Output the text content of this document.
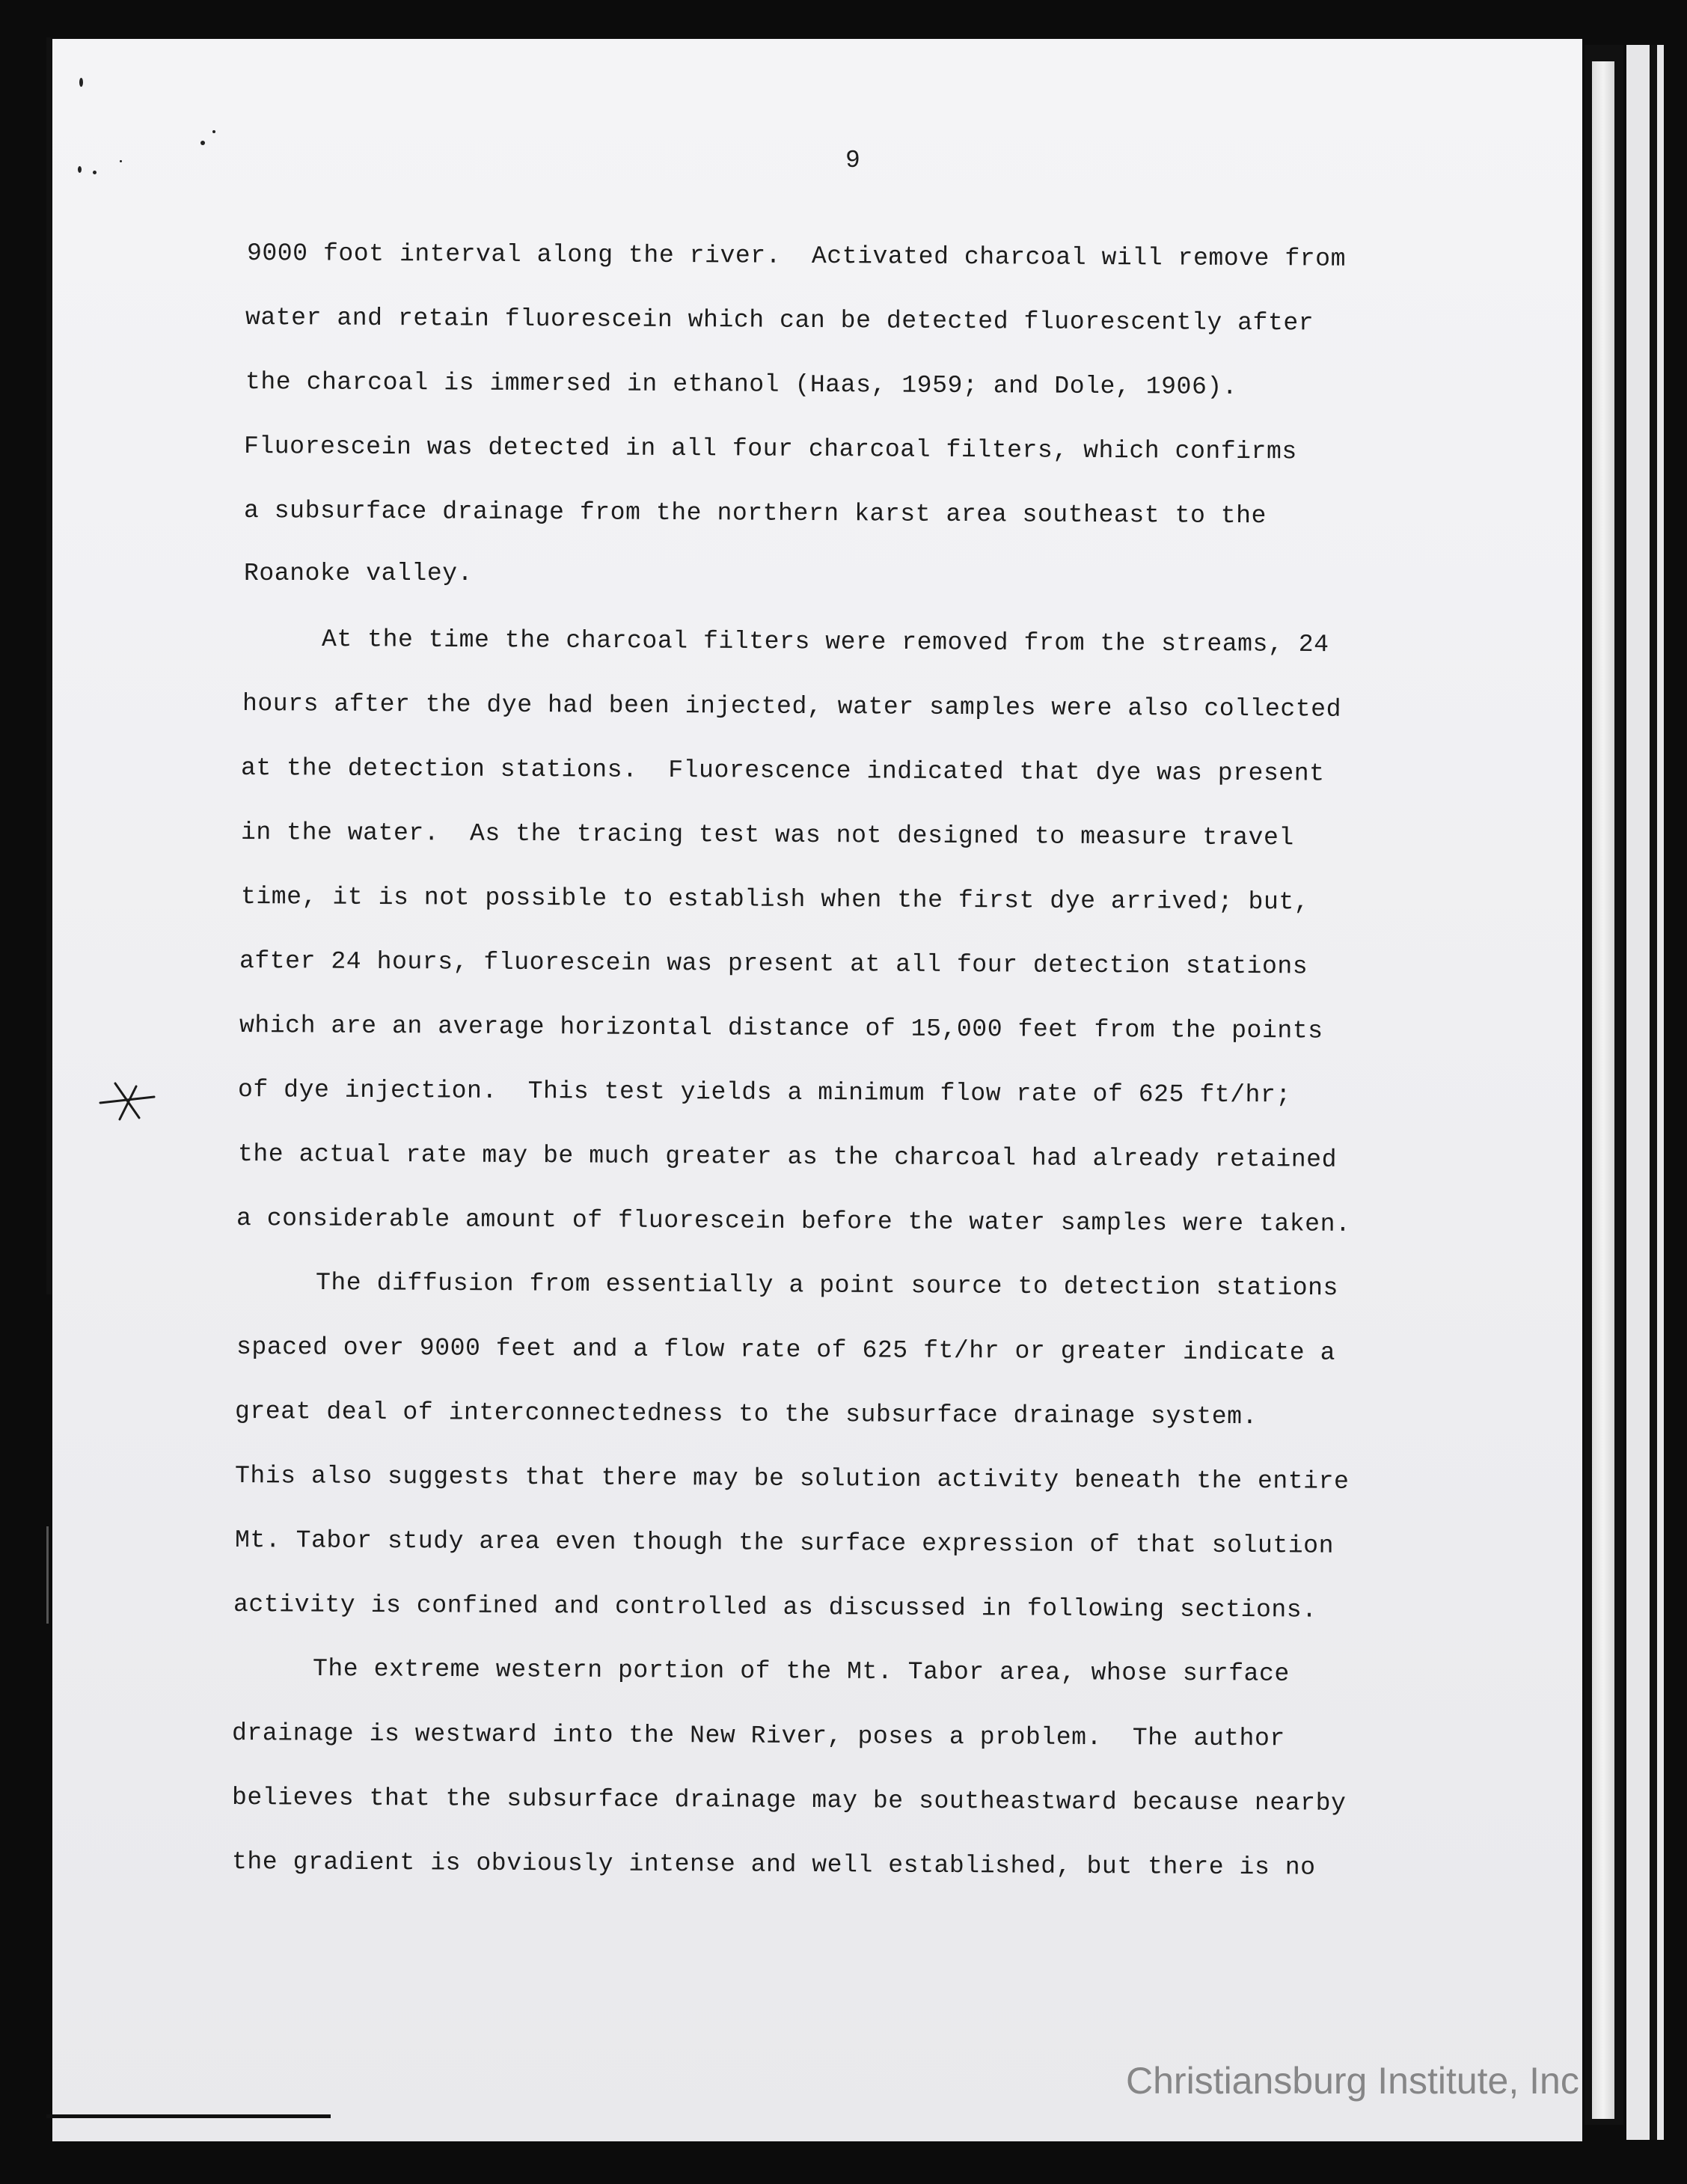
9
9000 foot interval along the river.  Activated charcoal will remove from
water and retain fluorescein which can be detected fluorescently after
the charcoal is immersed in ethanol (Haas, 1959; and Dole, 1906).
Fluorescein was detected in all four charcoal filters, which confirms
a subsurface drainage from the northern karst area southeast to the
Roanoke valley.
At the time the charcoal filters were removed from the streams, 24
hours after the dye had been injected, water samples were also collected
at the detection stations.  Fluorescence indicated that dye was present
in the water.  As the tracing test was not designed to measure travel
time, it is not possible to establish when the first dye arrived; but,
after 24 hours, fluorescein was present at all four detection stations
which are an average horizontal distance of 15,000 feet from the points
of dye injection.  This test yields a minimum flow rate of 625 ft/hr;
the actual rate may be much greater as the charcoal had already retained
a considerable amount of fluorescein before the water samples were taken.
The diffusion from essentially a point source to detection stations
spaced over 9000 feet and a flow rate of 625 ft/hr or greater indicate a
great deal of interconnectedness to the subsurface drainage system.
This also suggests that there may be solution activity beneath the entire
Mt. Tabor study area even though the surface expression of that solution
activity is confined and controlled as discussed in following sections.
The extreme western portion of the Mt. Tabor area, whose surface
drainage is westward into the New River, poses a problem.  The author
believes that the subsurface drainage may be southeastward because nearby
the gradient is obviously intense and well established, but there is no
Christiansburg Institute, Inc
